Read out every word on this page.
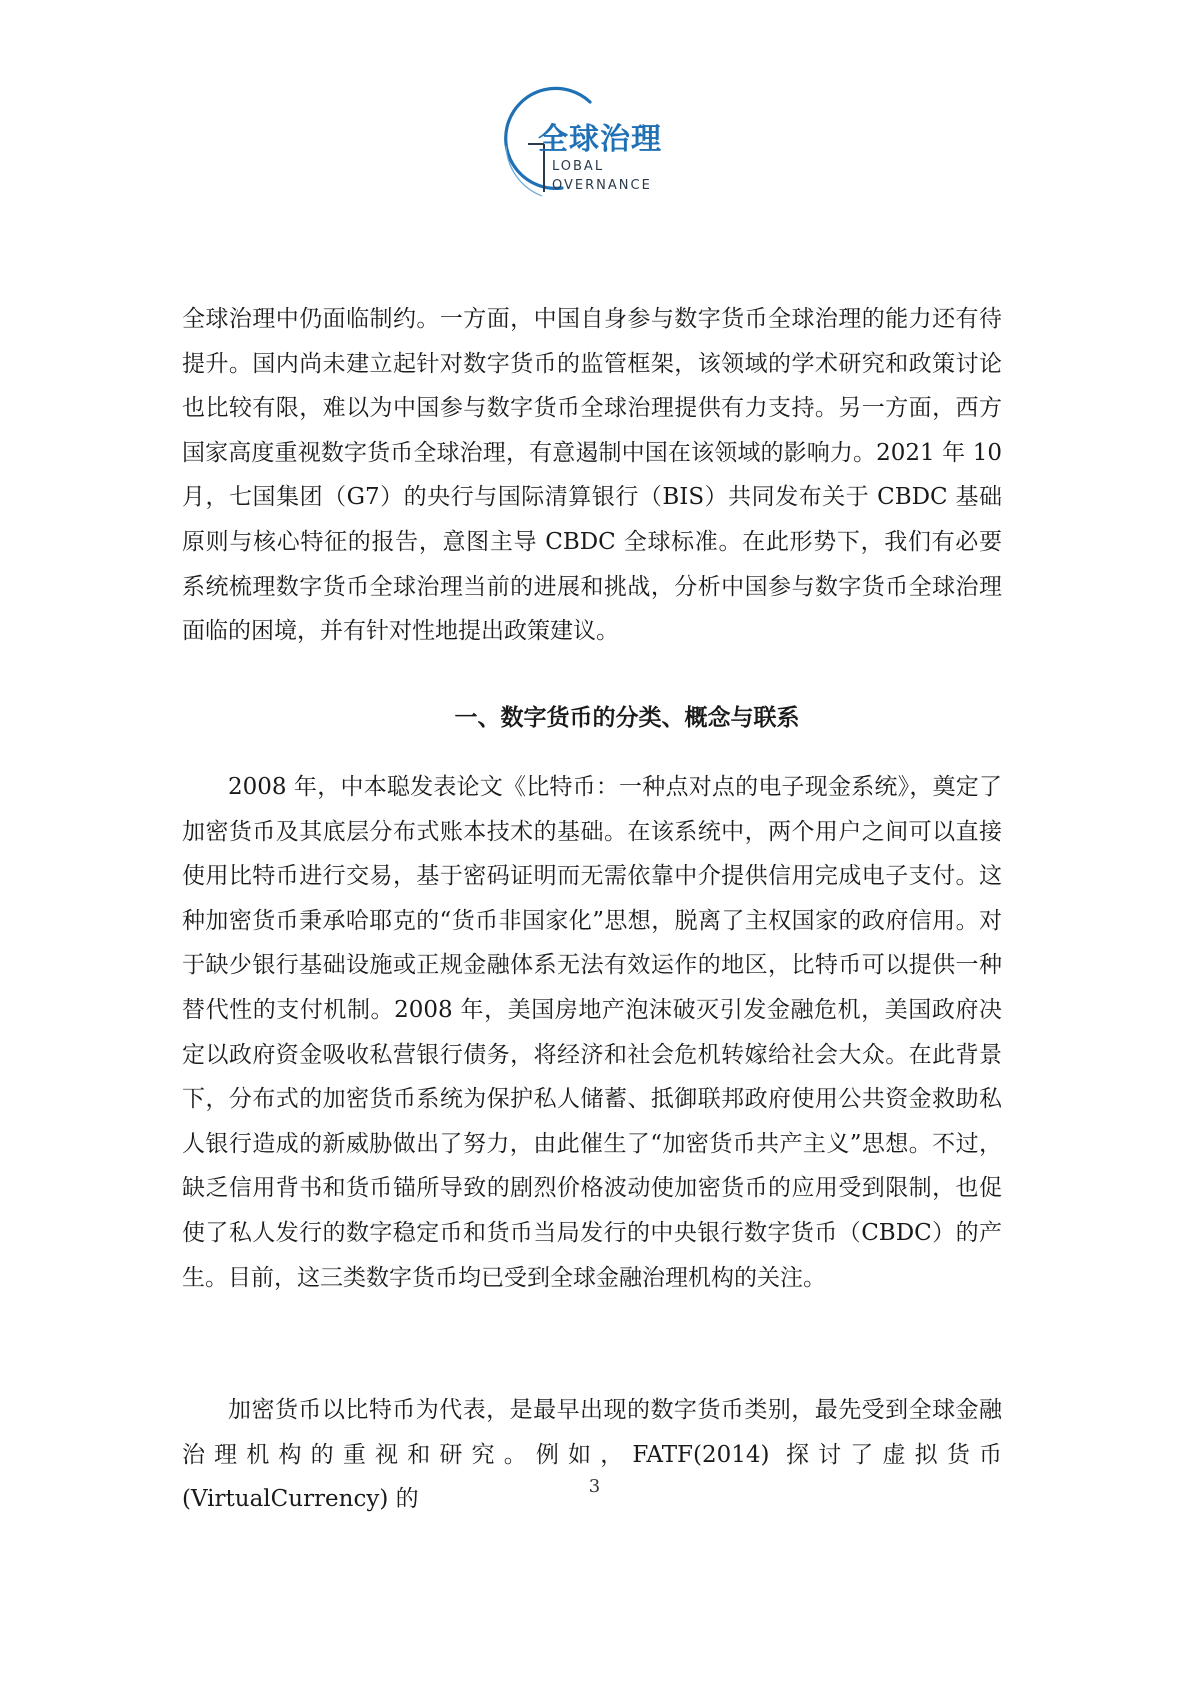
全球治理
LOBAL
OVERNANCE

全球治理中仍面临制约。一方面，中国自身参与数字货币全球治理的能力还有待提升。国内尚未建立起针对数字货币的监管框架，该领域的学术研究和政策讨论也比较有限，难以为中国参与数字货币全球治理提供有力支持。另一方面，西方国家高度重视数字货币全球治理，有意遏制中国在该领域的影响力。2021 年 10 月，七国集团（G7）的央行与国际清算银行（BIS）共同发布关于 CBDC 基础原则与核心特征的报告，意图主导 CBDC 全球标准。在此形势下，我们有必要系统梳理数字货币全球治理当前的进展和挑战，分析中国参与数字货币全球治理面临的困境，并有针对性地提出政策建议。

一、数字货币的分类、概念与联系

2008 年，中本聪发表论文《比特币：一种点对点的电子现金系统》，奠定了加密货币及其底层分布式账本技术的基础。在该系统中，两个用户之间可以直接使用比特币进行交易，基于密码证明而无需依靠中介提供信用完成电子支付。这种加密货币秉承哈耶克的“货币非国家化”思想，脱离了主权国家的政府信用。对于缺少银行基础设施或正规金融体系无法有效运作的地区，比特币可以提供一种替代性的支付机制。2008 年，美国房地产泡沫破灭引发金融危机，美国政府决定以政府资金吸收私营银行债务，将经济和社会危机转嫁给社会大众。在此背景下，分布式的加密货币系统为保护私人储蓄、抵御联邦政府使用公共资金救助私人银行造成的新威胁做出了努力，由此催生了“加密货币共产主义”思想。不过，缺乏信用背书和货币锚所导致的剧烈价格波动使加密货币的应用受到限制，也促使了私人发行的数字稳定币和货币当局发行的中央银行数字货币（CBDC）的产生。目前，这三类数字货币均已受到全球金融治理机构的关注。

加密货币以比特币为代表，是最早出现的数字货币类别，最先受到全球金融治理机构的重视和研究。例如，FATF(2014) 探讨了虚拟货币(VirtualCurrency) 的	3
